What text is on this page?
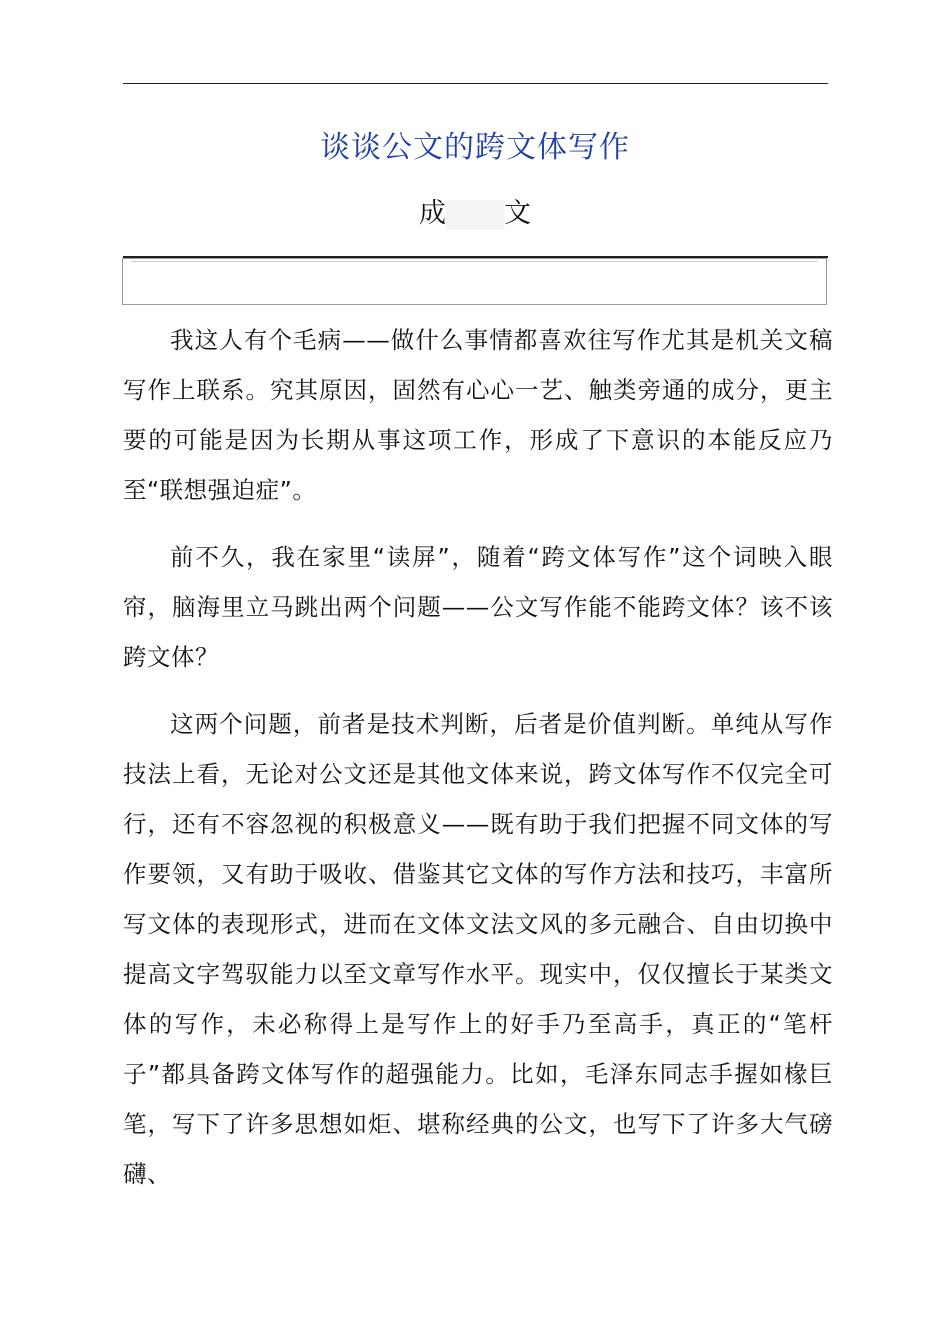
谈谈公文的跨文体写作
成 文

我这人有个毛病——做什么事情都喜欢往写作尤其是机关文稿写作上联系。究其原因，固然有心心一艺、触类旁通的成分，更主要的可能是因为长期从事这项工作，形成了下意识的本能反应乃至“联想强迫症”。

前不久，我在家里“读屏”，随着“跨文体写作”这个词映入眼帘，脑海里立马跳出两个问题——公文写作能不能跨文体？该不该跨文体？

这两个问题，前者是技术判断，后者是价值判断。单纯从写作技法上看，无论对公文还是其他文体来说，跨文体写作不仅完全可行，还有不容忽视的积极意义——既有助于我们把握不同文体的写作要领，又有助于吸收、借鉴其它文体的写作方法和技巧，丰富所写文体的表现形式，进而在文体文法文风的多元融合、自由切换中提高文字驾驭能力以至文章写作水平。现实中，仅仅擅长于某类文体的写作，未必称得上是写作上的好手乃至高手，真正的“笔杆子”都具备跨文体写作的超强能力。比如，毛泽东同志手握如椽巨笔，写下了许多思想如炬、堪称经典的公文，也写下了许多大气磅礴、
